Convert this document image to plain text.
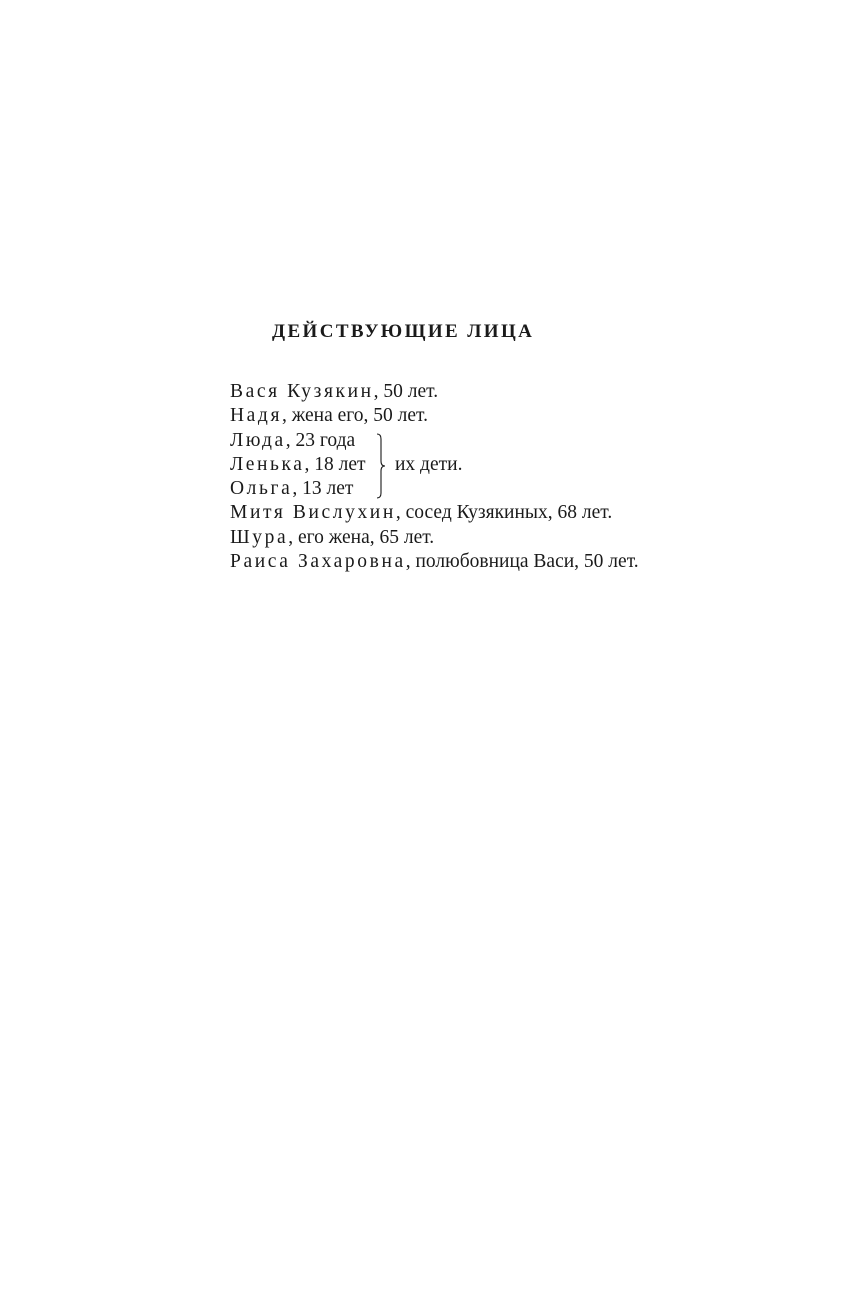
ДЕЙСТВУЮЩИЕ ЛИЦА
Вася Кузякин, 50 лет.
Надя, жена его, 50 лет.
Люда, 23 года
Ленька, 18 лет
Ольга, 13 лет
их дети.
Митя Вислухин, сосед Кузякиных, 68 лет.
Шура, его жена, 65 лет.
Раиса Захаровна, полюбовница Васи, 50 лет.
